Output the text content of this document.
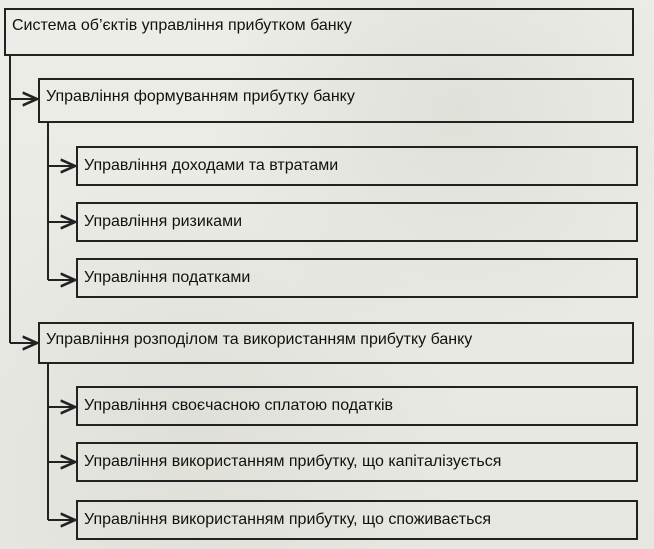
Система об’єктів управління прибутком банку
Управління формуванням прибутку банку
Управління доходами та втратами
Управління ризиками
Управління податками
Управління розподілом та використанням прибутку банку
Управління своєчасною сплатою податків
Управління використанням прибутку, що капіталізується
Управління використанням прибутку, що споживається
